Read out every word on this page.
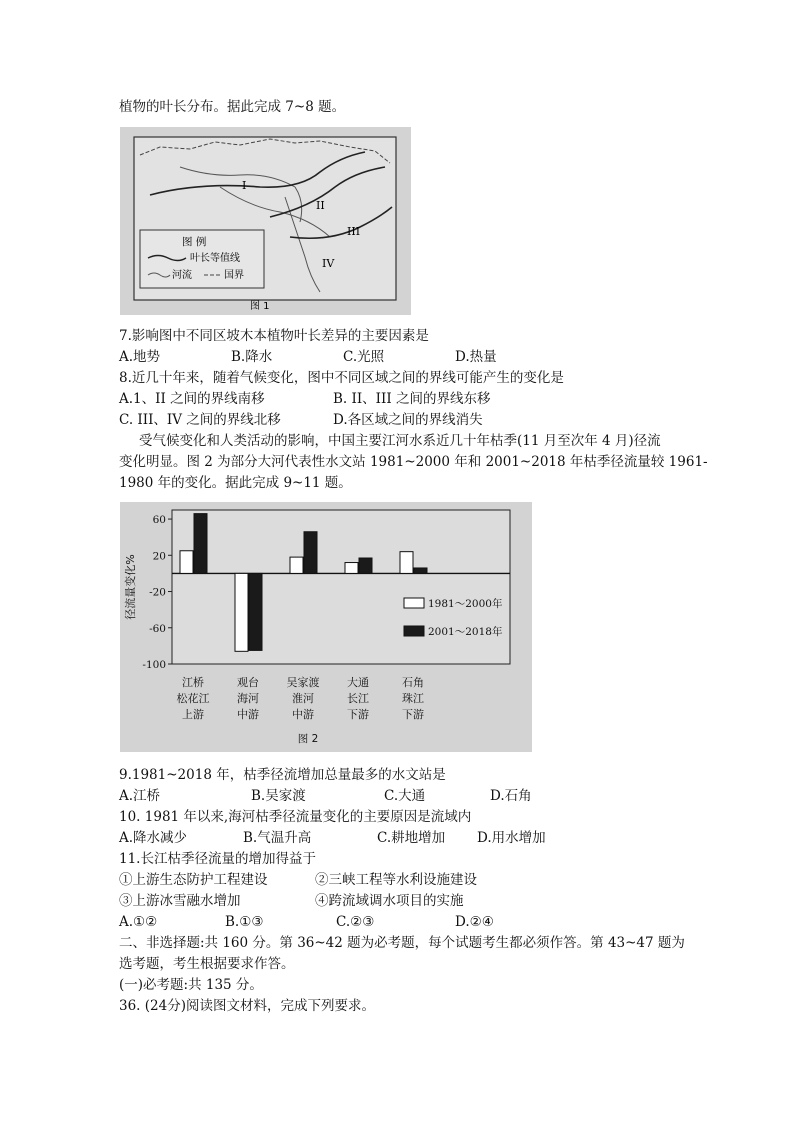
植物的叶长分布。据此完成 7~8 题。
I
II
III
IV
图 例
叶长等值线
河流	国界
图 1
7.影响图中不同区坡木本植物叶长差异的主要因素是
A.地势	B.降水	C.光照	D.热量
8.近几十年来，随着气候变化，图中不同区域之间的界线可能产生的变化是
A.1、II 之间的界线南移	B. II、III 之间的界线东移
C. III、IV 之间的界线北移	D.各区域之间的界线消失
受气候变化和人类活动的影响，中国主要江河水系近几十年枯季(11 月至次年 4 月)径流
变化明显。图 2 为部分大河代表性水文站 1981~2000 年和 2001~2018 年枯季径流量较 1961-
1980 年的变化。据此完成 9~11 题。
60
20
-20
-60
-100
径流量变化%
江桥
松花江
上游
观台
海河
中游
吴家渡
淮河
中游
大通
长江
下游
石角
珠江
下游
1981～2000年
2001～2018年
图 2
9.1981~2018 年，枯季径流增加总量最多的水文站是
A.江桥	B.吴家渡	C.大通	D.石角
10. 1981 年以来,海河枯季径流量变化的主要原因是流域内
A.降水减少	B.气温升高	C.耕地增加 D.用水增加
11.长江枯季径流量的增加得益于
①上游生态防护工程建设	②三峡工程等水利设施建设
③上游冰雪融水增加	④跨流域调水项目的实施
A.①②	B.①③	C.②③	D.②④
二、非选择题:共 160 分。第 36~42 题为必考题，每个试题考生都必须作答。第 43~47 题为
选考题，考生根据要求作答。
(一)必考题:共 135 分。
36. (24分)阅读图文材料，完成下列要求。
